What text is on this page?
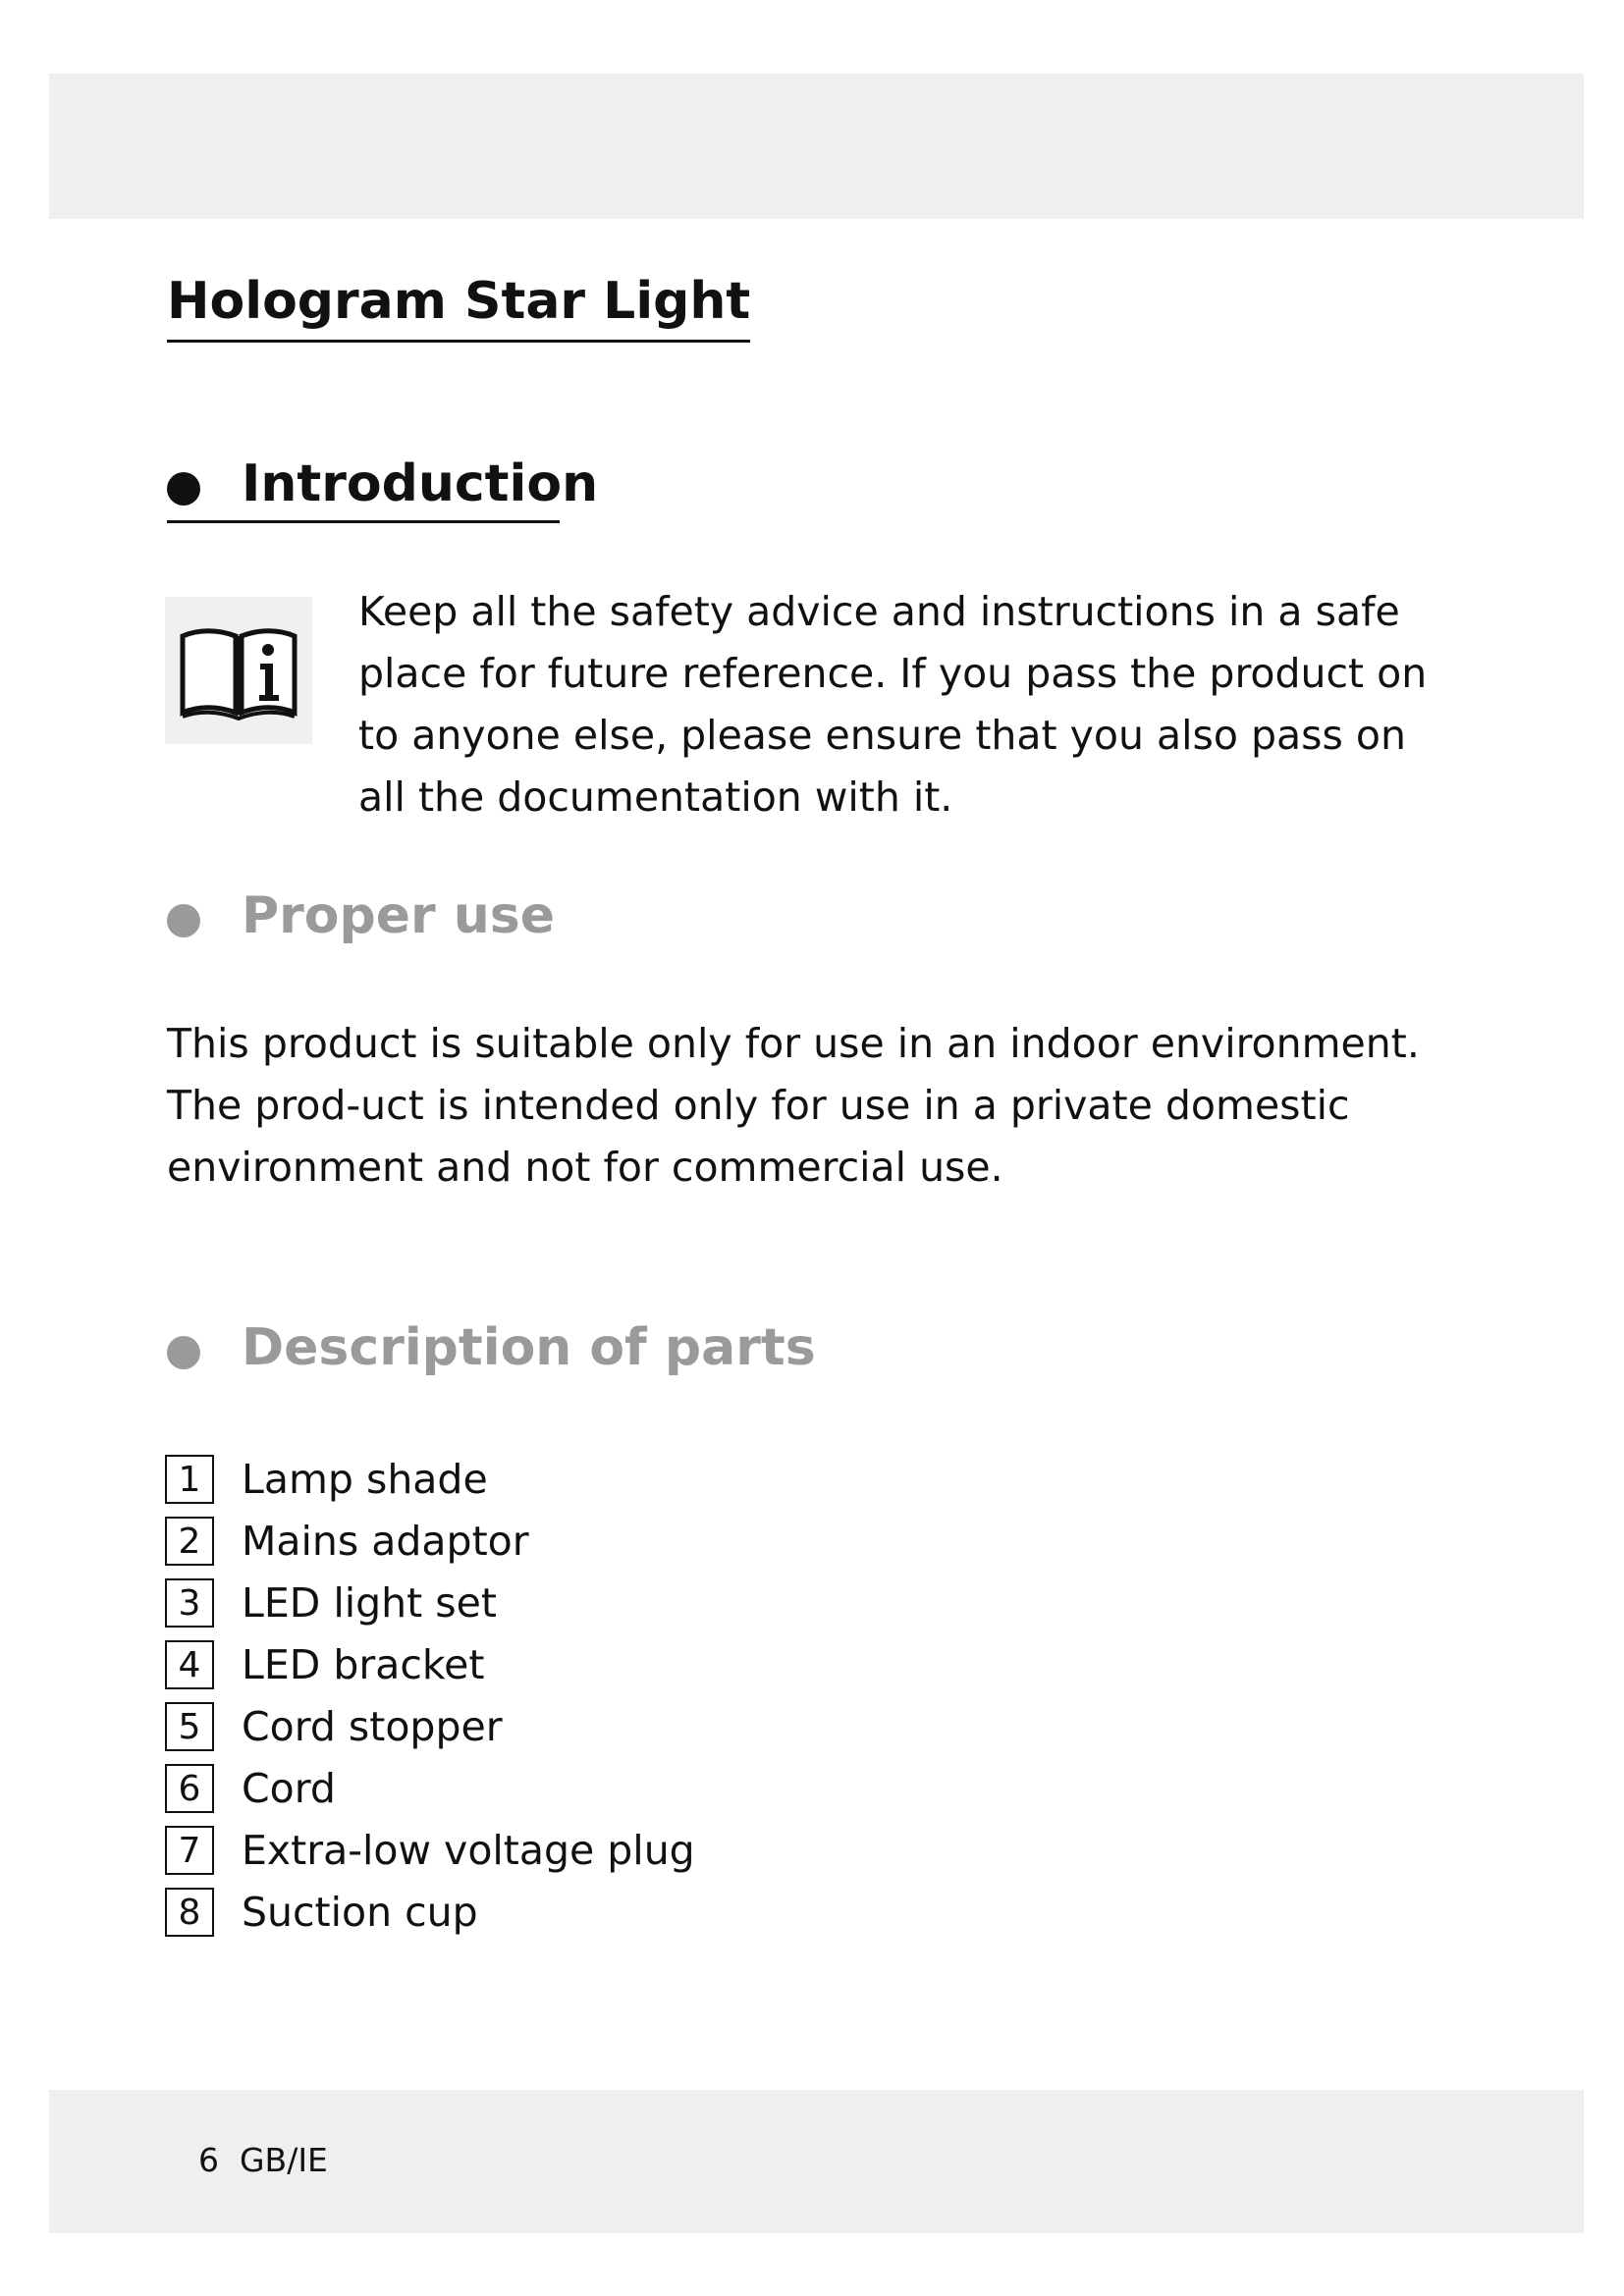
Hologram Star Light
Introduction

Keep all the safety advice and instructions in a safe place for future reference. If you pass the product on to anyone else, please ensure that you also pass on all the documentation with it.

Proper use

This product is suitable only for use in an indoor environment. The prod-uct is intended only for use in a private domestic environment and not for commercial use.

Description of parts
1	Lamp shade
2	Mains adaptor
3	LED light set
4	LED bracket
5	Cord stopper
6	Cord
7	Extra-low voltage plug
8	Suction cup
6 GB/IE
